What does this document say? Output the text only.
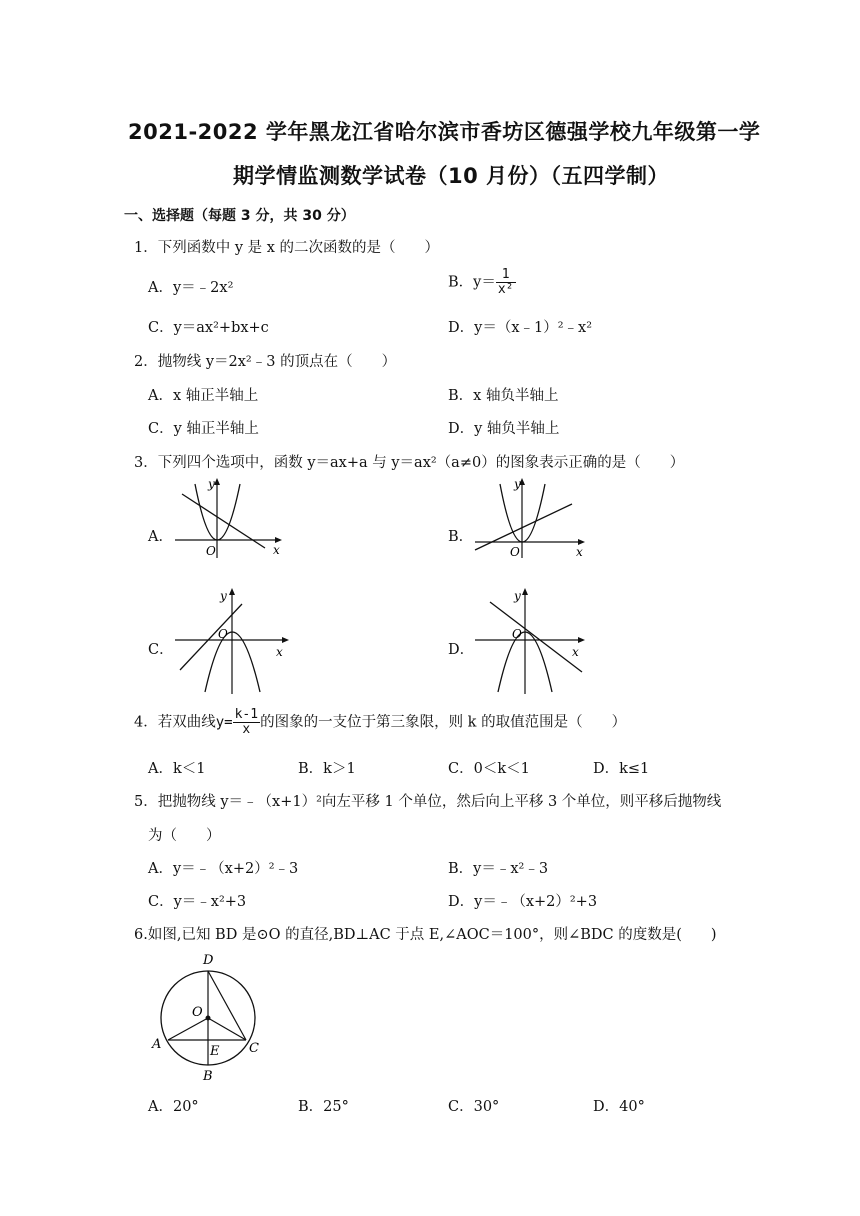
2021-2022 学年黑龙江省哈尔滨市香坊区德强学校九年级第一学
期学情监测数学试卷（10 月份）（五四学制）
一、选择题（每题 3 分，共 30 分）
1．下列函数中 y 是 x 的二次函数的是（　　）
A．y＝﹣2x²	B．$y= \frac{1}{\text{x²}}$
C．y＝ax²+bx+c	D．y＝（x﹣1）²﹣x²
2．抛物线 y＝2x²﹣3 的顶点在（　　）
A．x 轴正半轴上	B．x 轴负半轴上
C．y 轴正半轴上	D．y 轴负半轴上
3．下列四个选项中，函数 y＝ax+a 与 y＝ax²（a≠0）的图象表示正确的是（　　）
A．
O	x
y
B．
O	x
y
C．
O
x
y
D．
O
x
y
4．若双曲线$y= \frac{k-1}{x}$ 的图象的一支位于第三象限，则 k 的取值范围是（　　）
A．k＜1	B．k＞1	C．0＜k＜1	D．k≤1
5．把抛物线 y＝﹣（x+1）²向左平移 1 个单位，然后向上平移 3 个单位，则平移后抛物线
为（　　）
A．y＝﹣（x+2）²﹣3	B．y＝﹣x²﹣3
C．y＝﹣x²+3	D．y＝﹣（x+2）²+3
6.如图,已知 BD 是⊙O 的直径,BD⊥AC 于点 E,∠AOC＝100°，则∠BDC 的度数是(　　)
D
O
A	E C
B
A．20°	B．25°	C．30°	D．40°
